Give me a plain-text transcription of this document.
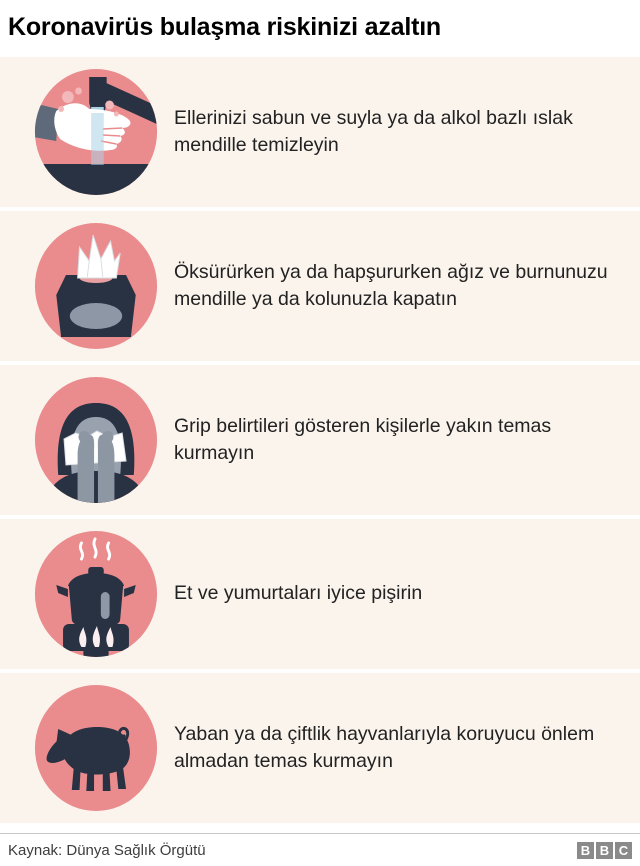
Koronavirüs bulaşma riskinizi azaltın
Ellerinizi sabun ve suyla ya da alkol bazlı ıslak mendille temizleyin
Öksürürken ya da hapşururken ağız ve burnunuzu mendille ya da kolunuzla kapatın
Grip belirtileri gösteren kişilerle yakın temas kurmayın
Et ve yumurtaları iyice pişirin
Yaban ya da çiftlik hayvanlarıyla koruyucu önlem almadan temas kurmayın
Kaynak: Dünya Sağlık Örgütü	B B C
